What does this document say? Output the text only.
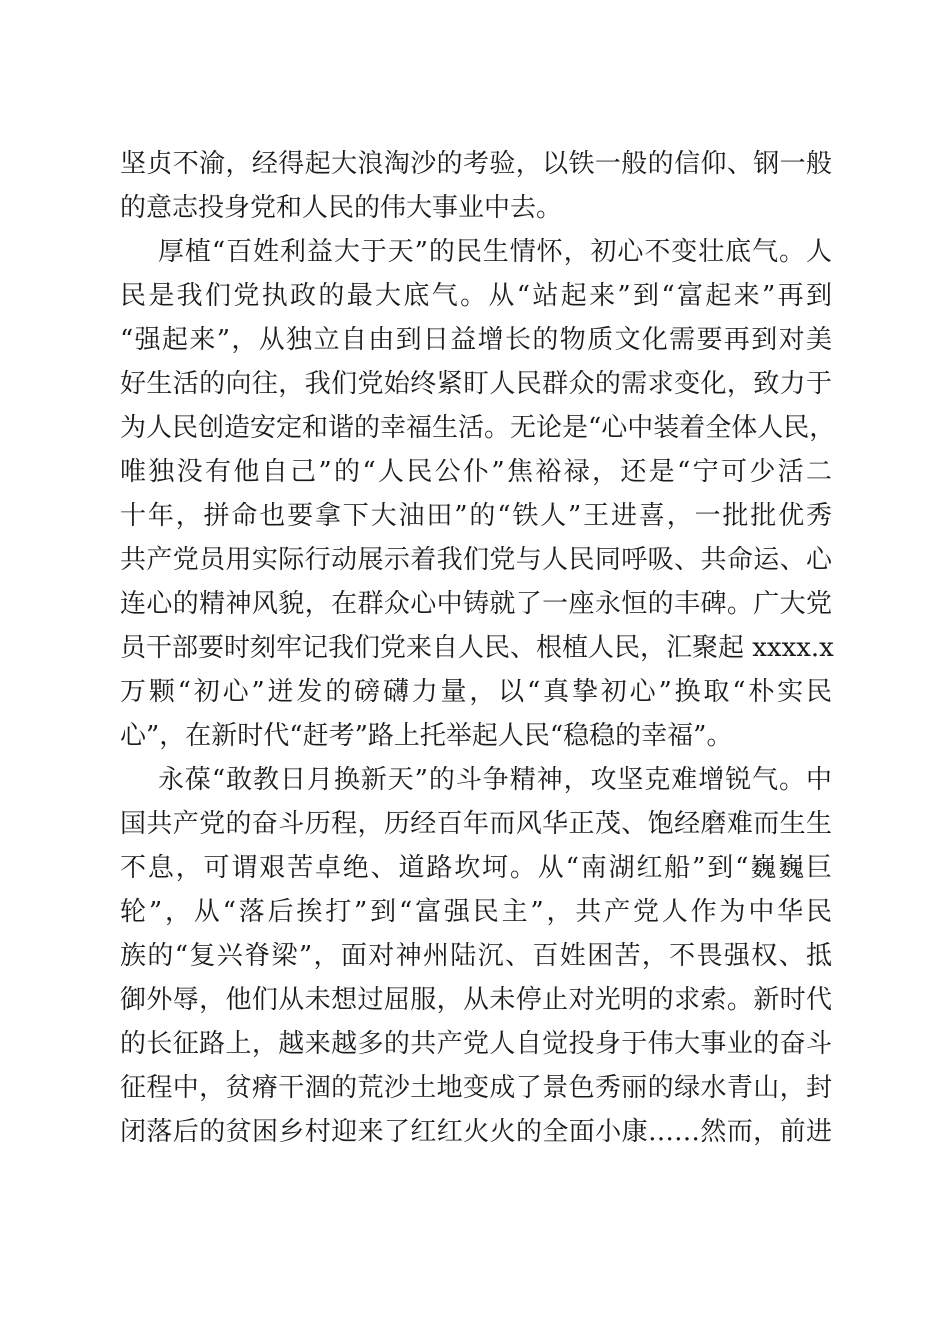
坚贞不渝，经得起大浪淘沙的考验，以铁一般的信仰、钢一般
的意志投身党和人民的伟大事业中去。
厚植“百姓利益大于天”的民生情怀，初心不变壮底气。人
民是我们党执政的最大底气。从“站起来”到“富起来”再到
“强起来”，从独立自由到日益增长的物质文化需要再到对美
好生活的向往，我们党始终紧盯人民群众的需求变化，致力于
为人民创造安定和谐的幸福生活。无论是“心中装着全体人民，
唯独没有他自己”的“人民公仆”焦裕禄，还是“宁可少活二
十年，拼命也要拿下大油田”的“铁人”王进喜，一批批优秀
共产党员用实际行动展示着我们党与人民同呼吸、共命运、心
连心的精神风貌，在群众心中铸就了一座永恒的丰碑。广大党
员干部要时刻牢记我们党来自人民、根植人民，汇聚起 xxxx.x
万颗“初心”迸发的磅礴力量，以“真挚初心”换取“朴实民
心”，在新时代“赶考”路上托举起人民“稳稳的幸福”。
永葆“敢教日月换新天”的斗争精神，攻坚克难增锐气。中
国共产党的奋斗历程，历经百年而风华正茂、饱经磨难而生生
不息，可谓艰苦卓绝、道路坎坷。从“南湖红船”到“巍巍巨
轮”，从“落后挨打”到“富强民主”，共产党人作为中华民
族的“复兴脊梁”，面对神州陆沉、百姓困苦，不畏强权、抵
御外辱，他们从未想过屈服，从未停止对光明的求索。新时代
的长征路上，越来越多的共产党人自觉投身于伟大事业的奋斗
征程中，贫瘠干涸的荒沙土地变成了景色秀丽的绿水青山，封
闭落后的贫困乡村迎来了红红火火的全面小康……然而，前进
